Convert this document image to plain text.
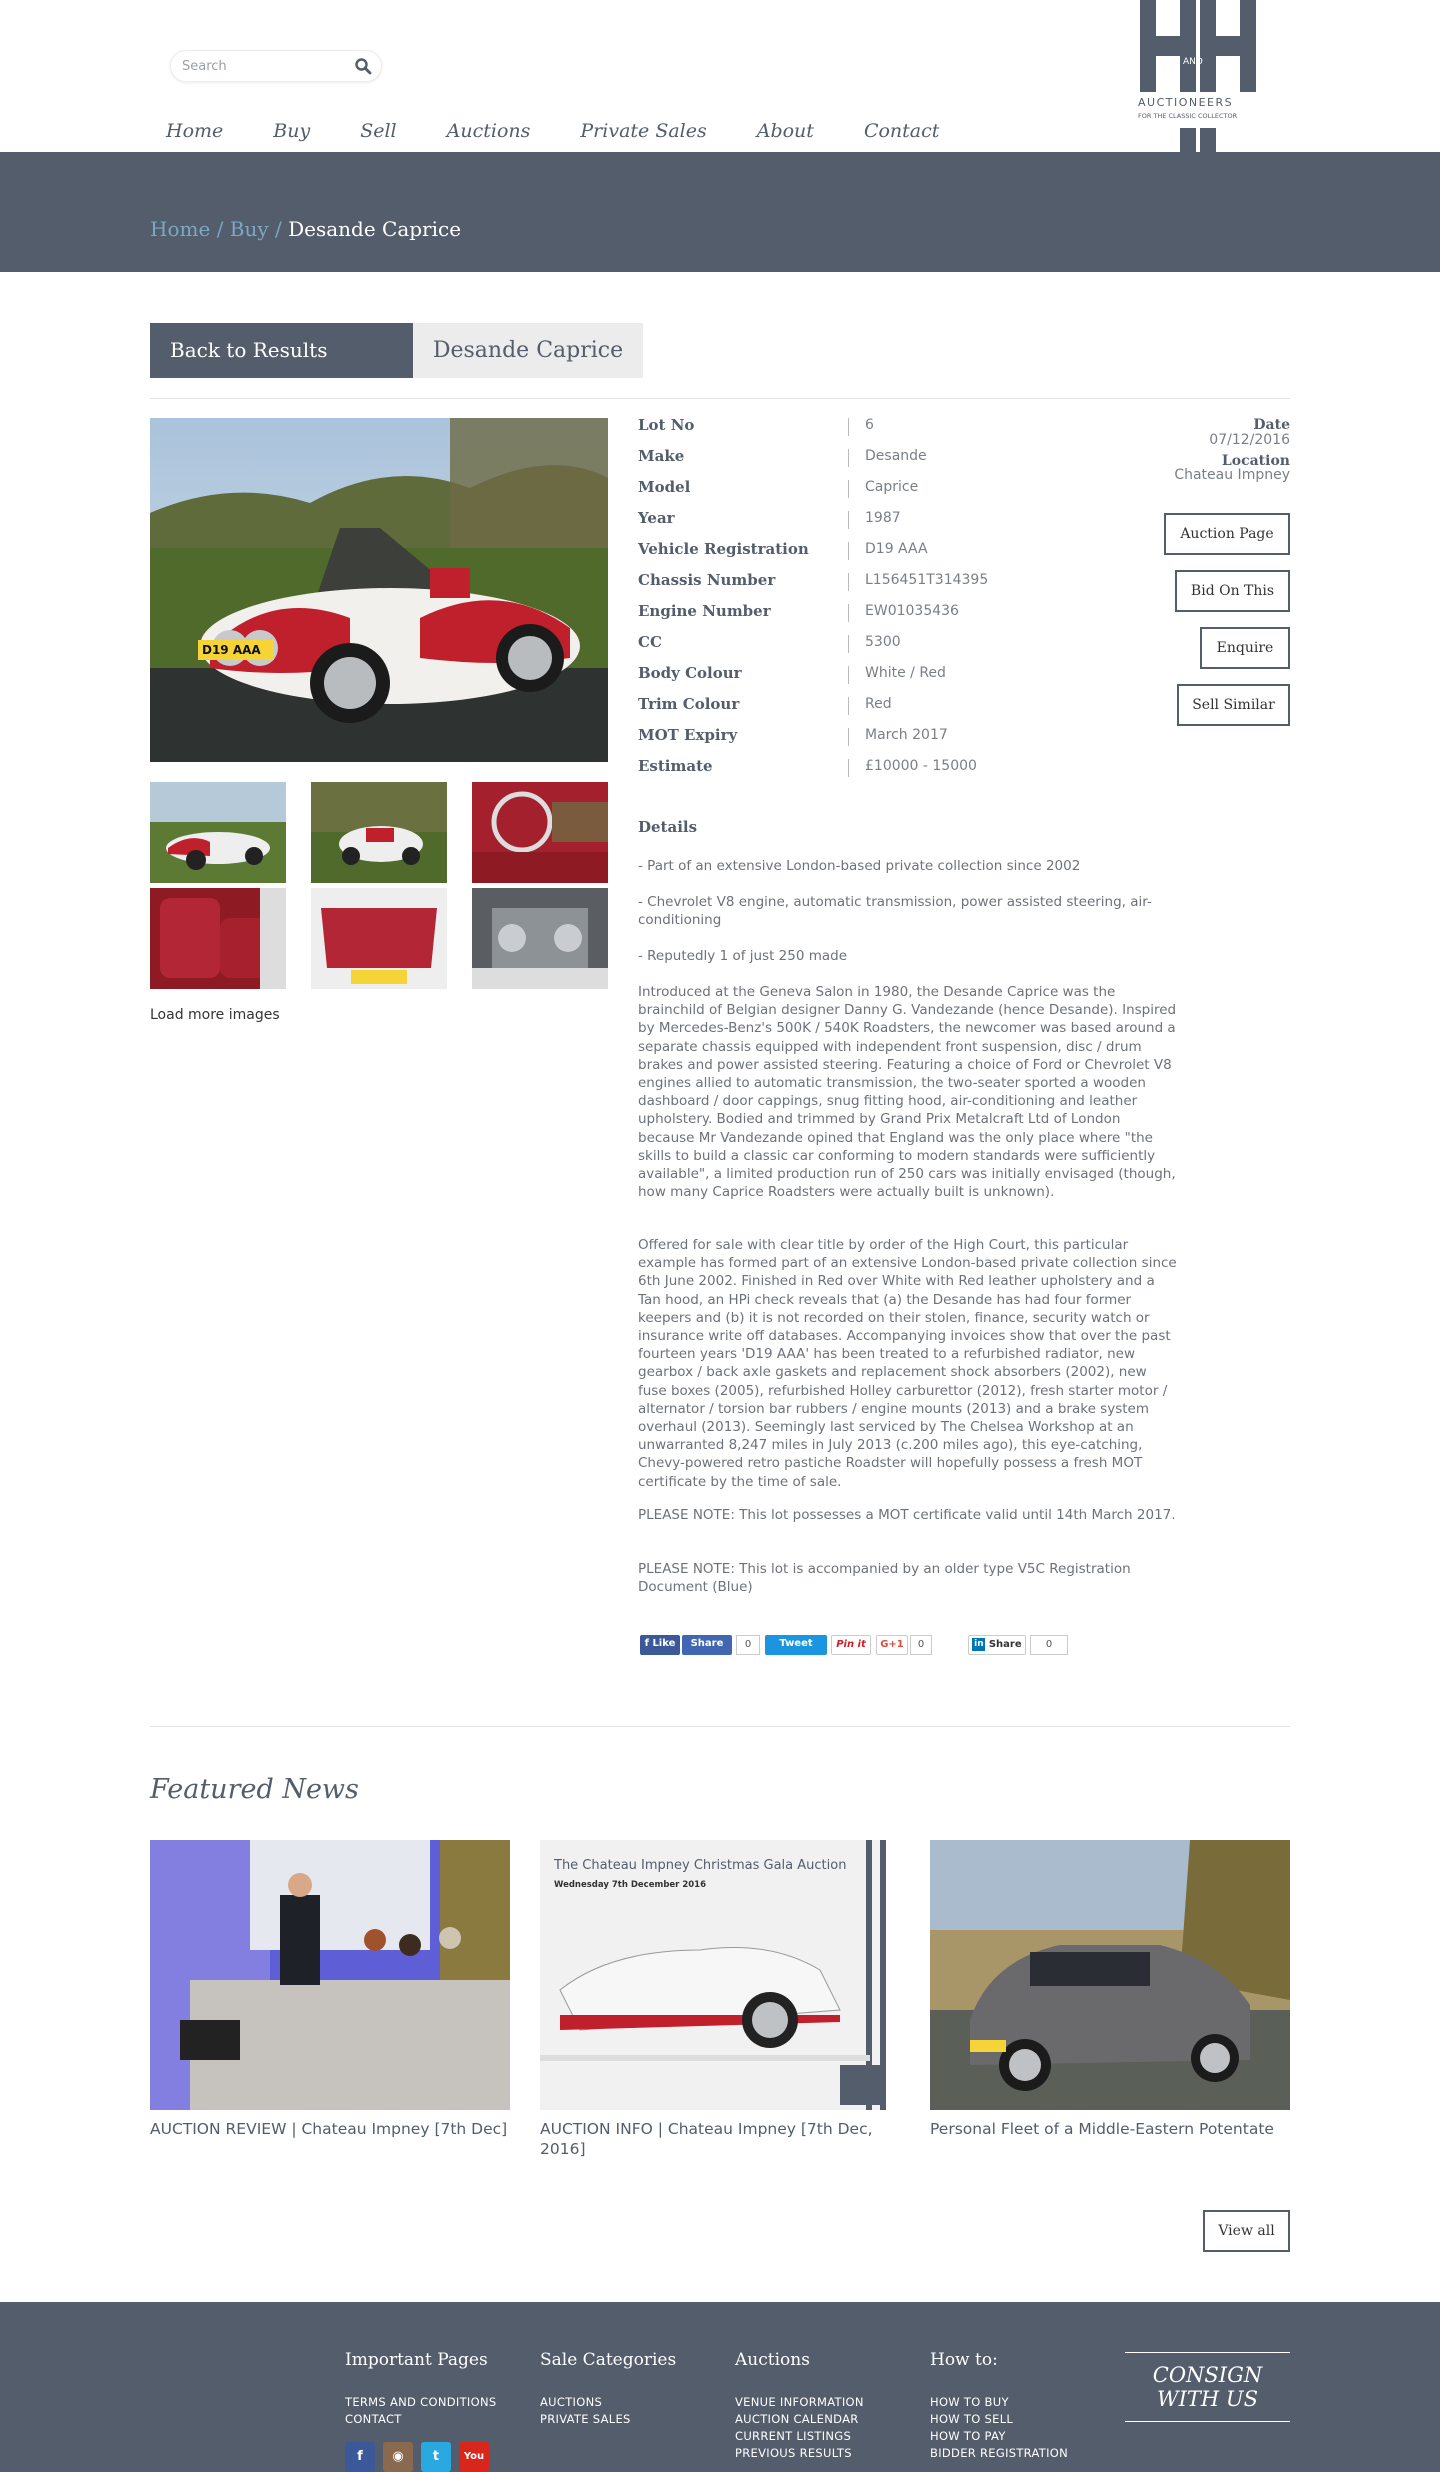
Search
Home	Buy	Sell	Auctions	Private Sales	About	Contact
AND
AUCTIONEERS
FOR THE CLASSIC COLLECTOR
Home / Buy / Desande Caprice
Back to Results	Desande Caprice
D19 AAA
Load more images
Lot No	6
Make	Desande
Model	Caprice
Year	1987
Vehicle Registration	D19 AAA
Chassis Number	L156451T314395
Engine Number	EW01035436
CC	5300
Body Colour	White / Red
Trim Colour	Red
MOT Expiry	March 2017
Estimate	£10000 - 15000
Date
07/12/2016
Location
Chateau Impney
Auction Page
Bid On This
Enquire
Sell Similar
Details
- Part of an extensive London-based private collection since 2002
- Chevrolet V8 engine, automatic transmission, power assisted steering, air-conditioning
- Reputedly 1 of just 250 made
Introduced at the Geneva Salon in 1980, the Desande Caprice was the brainchild of Belgian designer Danny G. Vandezande (hence Desande). Inspired by Mercedes-Benz's 500K / 540K Roadsters, the newcomer was based around a separate chassis equipped with independent front suspension, disc / drum brakes and power assisted steering. Featuring a choice of Ford or Chevrolet V8 engines allied to automatic transmission, the two-seater sported a wooden dashboard / door cappings, snug fitting hood, air-conditioning and leather upholstery. Bodied and trimmed by Grand Prix Metalcraft Ltd of London because Mr Vandezande opined that England was the only place where "the skills to build a classic car conforming to modern standards were sufficiently available", a limited production run of 250 cars was initially envisaged (though, how many Caprice Roadsters were actually built is unknown).
Offered for sale with clear title by order of the High Court, this particular example has formed part of an extensive London-based private collection since 6th June 2002. Finished in Red over White with Red leather upholstery and a Tan hood, an HPi check reveals that (a) the Desande has had four former keepers and (b) it is not recorded on their stolen, finance, security watch or insurance write off databases. Accompanying invoices show that over the past fourteen years 'D19 AAA' has been treated to a refurbished radiator, new gearbox / back axle gaskets and replacement shock absorbers (2002), new fuse boxes (2005), refurbished Holley carburettor (2012), fresh starter motor / alternator / torsion bar rubbers / engine mounts (2013) and a brake system overhaul (2013). Seemingly last serviced by The Chelsea Workshop at an unwarranted 8,247 miles in July 2013 (c.200 miles ago), this eye-catching, Chevy-powered retro pastiche Roadster will hopefully possess a fresh MOT certificate by the time of sale.
PLEASE NOTE: This lot possesses a MOT certificate valid until 14th March 2017.
PLEASE NOTE: This lot is accompanied by an older type V5C Registration Document (Blue)
f Like	Share	0	Tweet	Pin it	G+1	0	in Share	0
Featured News
AUCTION REVIEW | Chateau Impney [7th Dec]
The Chateau Impney Christmas Gala Auction
Wednesday 7th December 2016
AUCTION INFO | Chateau Impney [7th Dec, 2016]
Personal Fleet of a Middle-Eastern Potentate
View all
Important Pages
TERMS AND CONDITIONS
CONTACT
Sale Categories
AUCTIONS
PRIVATE SALES
Auctions
VENUE INFORMATION
AUCTION CALENDAR
CURRENT LISTINGS
PREVIOUS RESULTS
How to:
HOW TO BUY
HOW TO SELL
HOW TO PAY
BIDDER REGISTRATION
CONSIGN WITH US
f	◉	t	You
